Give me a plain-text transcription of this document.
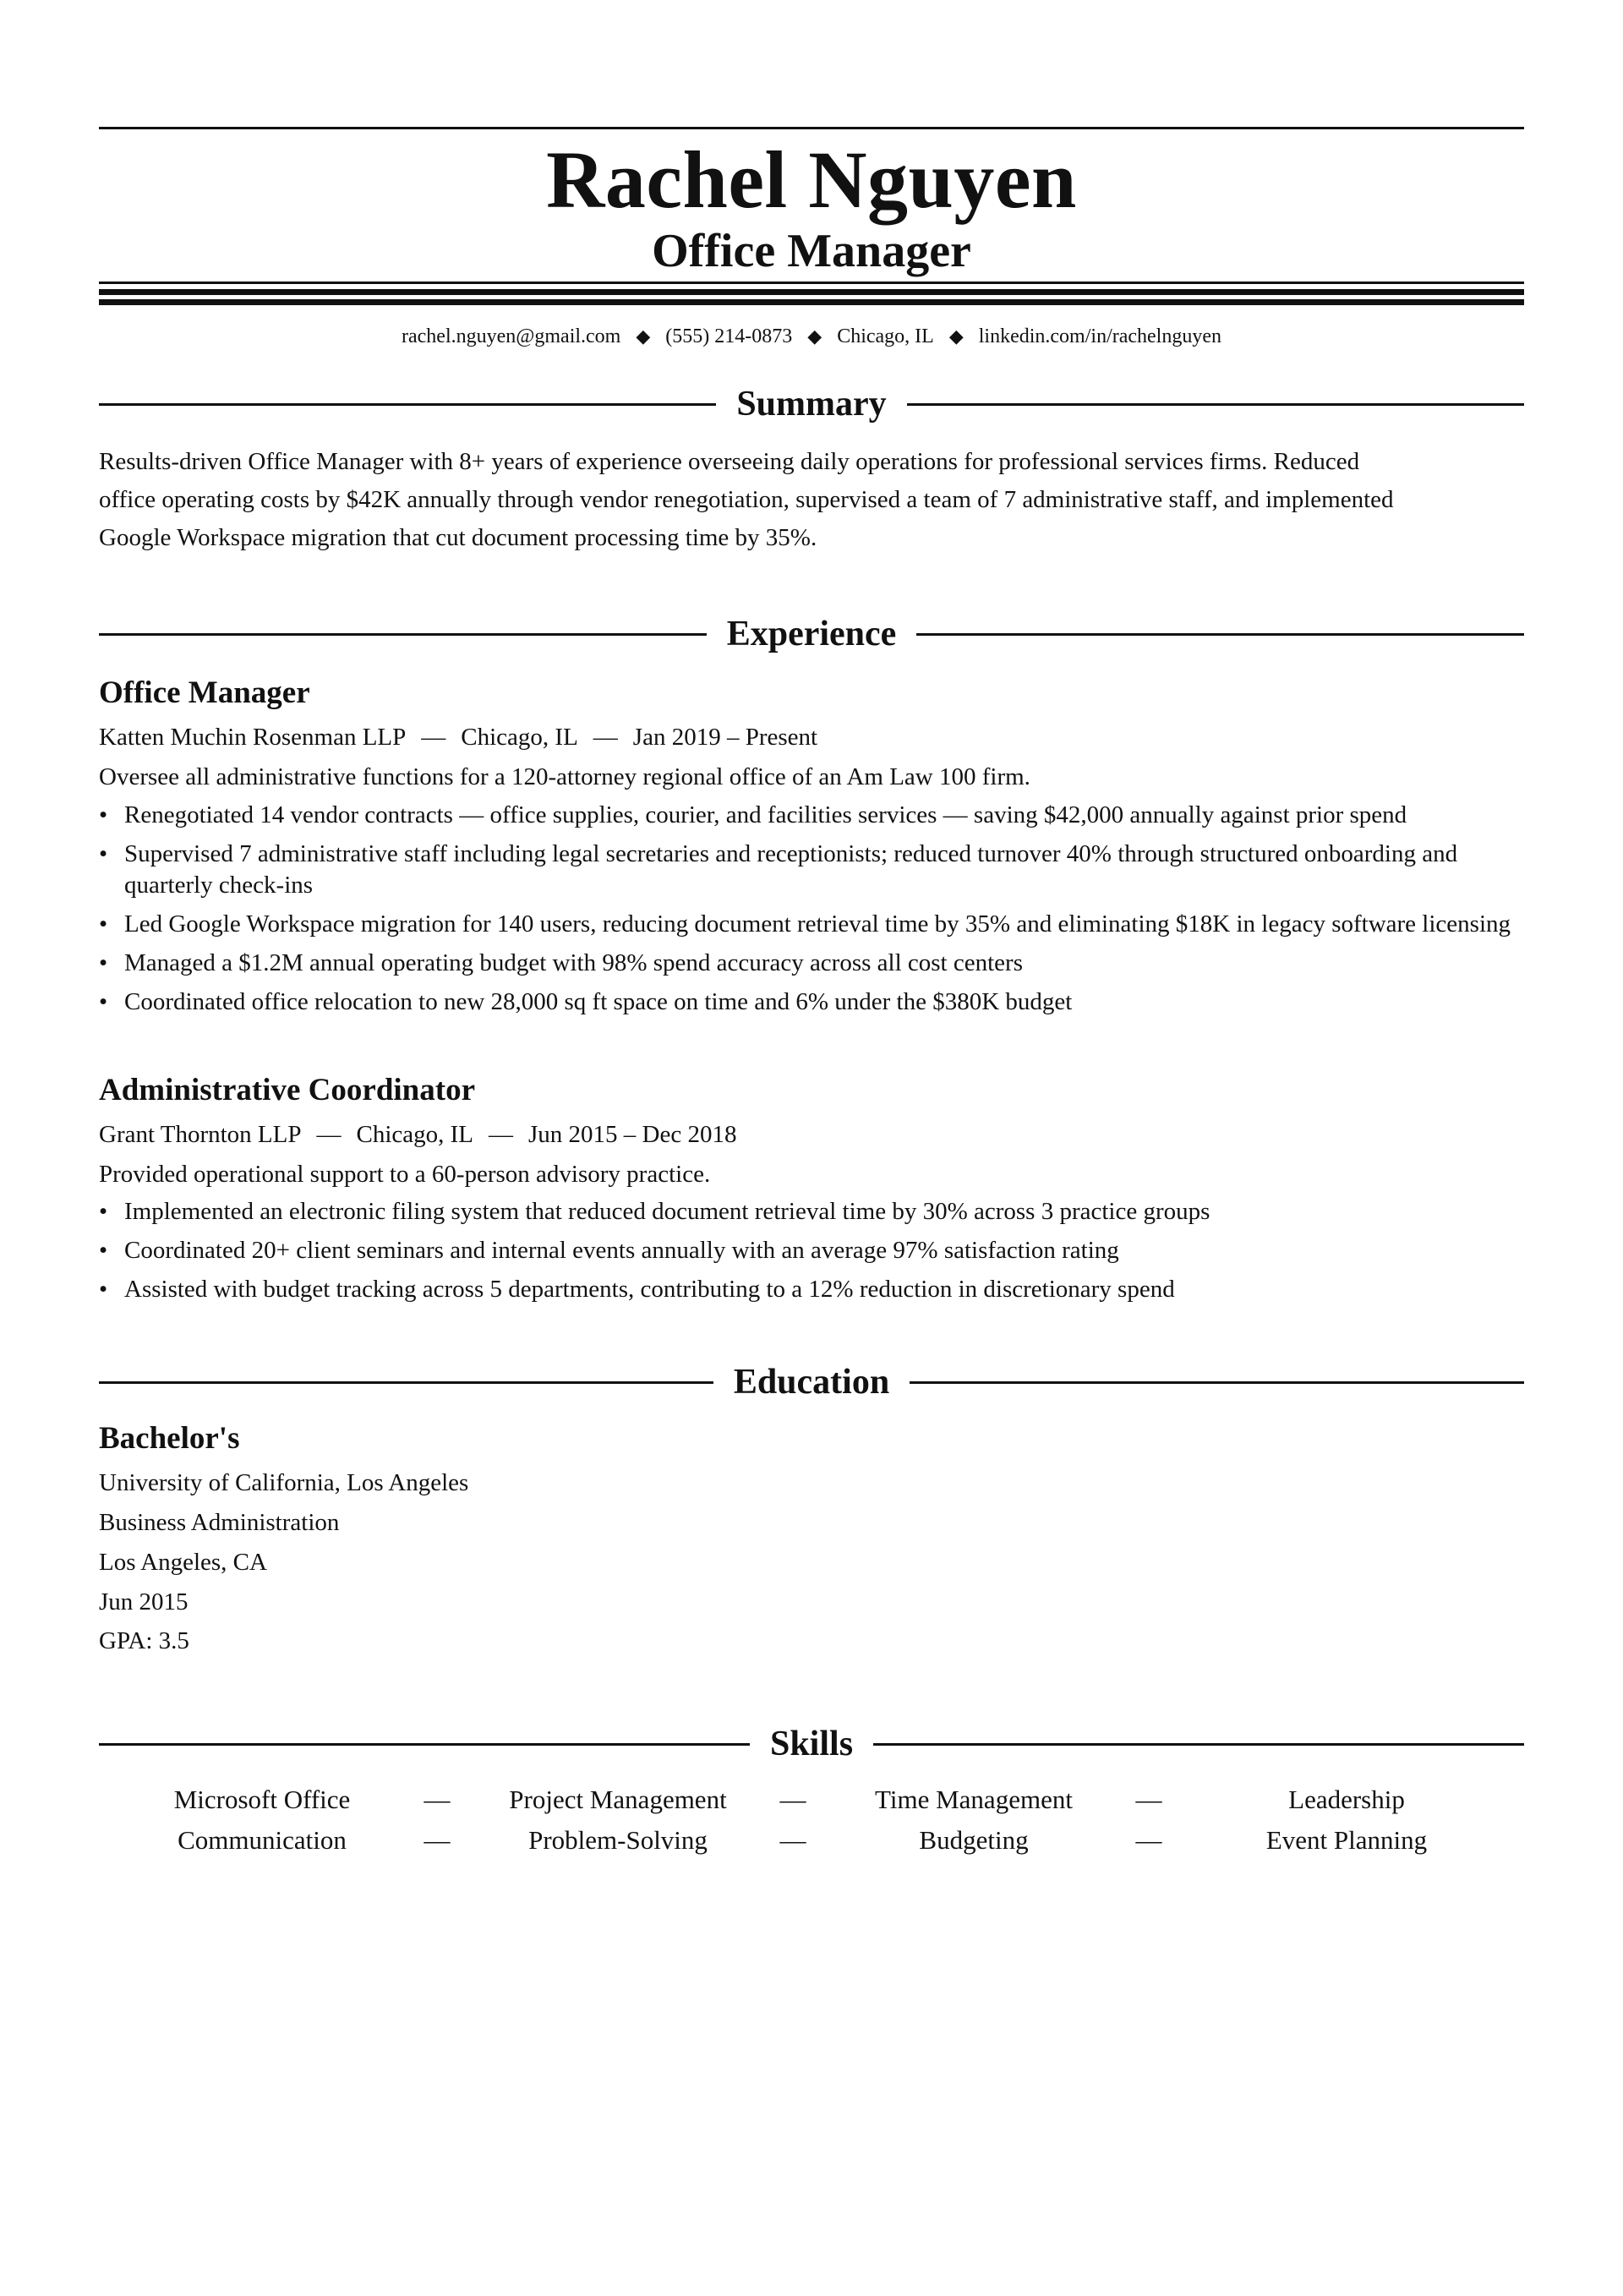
Rachel Nguyen
Office Manager
rachel.nguyen@gmail.com ◆ (555) 214-0873 ◆ Chicago, IL ◆ linkedin.com/in/rachelnguyen
Summary
Results-driven Office Manager with 8+ years of experience overseeing daily operations for professional services firms. Reduced
office operating costs by $42K annually through vendor renegotiation, supervised a team of 7 administrative staff, and implemented
Google Workspace migration that cut document processing time by 35%.
Experience
Office Manager
Katten Muchin Rosenman LLP — Chicago, IL — Jan 2019 – Present
Oversee all administrative functions for a 120-attorney regional office of an Am Law 100 firm.
• Renegotiated 14 vendor contracts — office supplies, courier, and facilities services — saving $42,000 annually against prior spend
• Supervised 7 administrative staff including legal secretaries and receptionists; reduced turnover 40% through structured onboarding and quarterly check-ins
• Led Google Workspace migration for 140 users, reducing document retrieval time by 35% and eliminating $18K in legacy software licensing
• Managed a $1.2M annual operating budget with 98% spend accuracy across all cost centers
• Coordinated office relocation to new 28,000 sq ft space on time and 6% under the $380K budget
Administrative Coordinator
Grant Thornton LLP — Chicago, IL — Jun 2015 – Dec 2018
Provided operational support to a 60-person advisory practice.
• Implemented an electronic filing system that reduced document retrieval time by 30% across 3 practice groups
• Coordinated 20+ client seminars and internal events annually with an average 97% satisfaction rating
• Assisted with budget tracking across 5 departments, contributing to a 12% reduction in discretionary spend
Education
Bachelor's
University of California, Los Angeles
Business Administration
Los Angeles, CA
Jun 2015
GPA: 3.5
Skills
Microsoft Office	—	Project Management	—	Time Management	—	Leadership
Communication	—	Problem-Solving	—	Budgeting	—	Event Planning
